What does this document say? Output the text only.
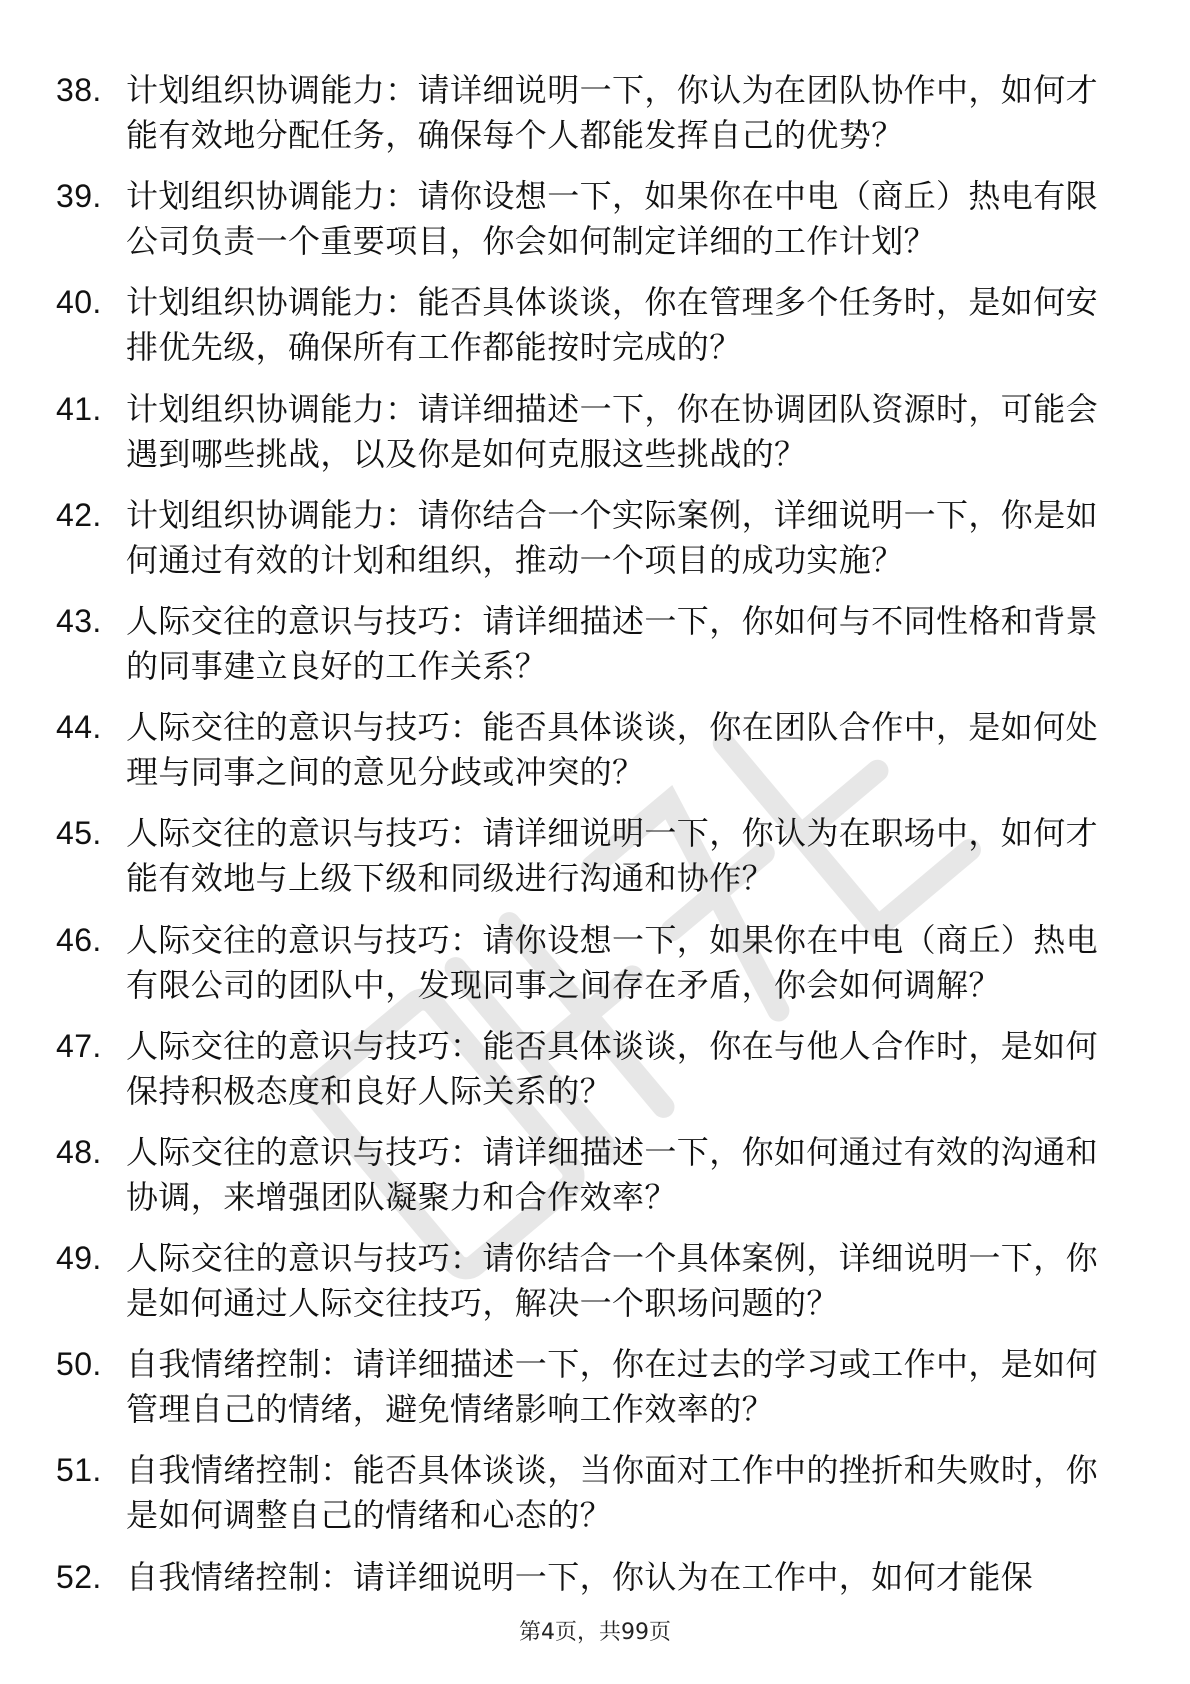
38. 计划组织协调能力：请详细说明一下，你认为在团队协作中，如何才能有效地分配任务，确保每个人都能发挥自己的优势？
39. 计划组织协调能力：请你设想一下，如果你在中电（商丘）热电有限公司负责一个重要项目，你会如何制定详细的工作计划？
40. 计划组织协调能力：能否具体谈谈，你在管理多个任务时，是如何安排优先级，确保所有工作都能按时完成的？
41. 计划组织协调能力：请详细描述一下，你在协调团队资源时，可能会遇到哪些挑战，以及你是如何克服这些挑战的？
42. 计划组织协调能力：请你结合一个实际案例，详细说明一下，你是如何通过有效的计划和组织，推动一个项目的成功实施？
43. 人际交往的意识与技巧：请详细描述一下，你如何与不同性格和背景的同事建立良好的工作关系？
44. 人际交往的意识与技巧：能否具体谈谈，你在团队合作中，是如何处理与同事之间的意见分歧或冲突的？
45. 人际交往的意识与技巧：请详细说明一下，你认为在职场中，如何才能有效地与上级下级和同级进行沟通和协作？
46. 人际交往的意识与技巧：请你设想一下，如果你在中电（商丘）热电有限公司的团队中，发现同事之间存在矛盾，你会如何调解？
47. 人际交往的意识与技巧：能否具体谈谈，你在与他人合作时，是如何保持积极态度和良好人际关系的？
48. 人际交往的意识与技巧：请详细描述一下，你如何通过有效的沟通和协调，来增强团队凝聚力和合作效率？
49. 人际交往的意识与技巧：请你结合一个具体案例，详细说明一下，你是如何通过人际交往技巧，解决一个职场问题的？
50. 自我情绪控制：请详细描述一下，你在过去的学习或工作中，是如何管理自己的情绪，避免情绪影响工作效率的？
51. 自我情绪控制：能否具体谈谈，当你面对工作中的挫折和失败时，你是如何调整自己的情绪和心态的？
52. 自我情绪控制：请详细说明一下，你认为在工作中，如何才能保
第4页，共99页
